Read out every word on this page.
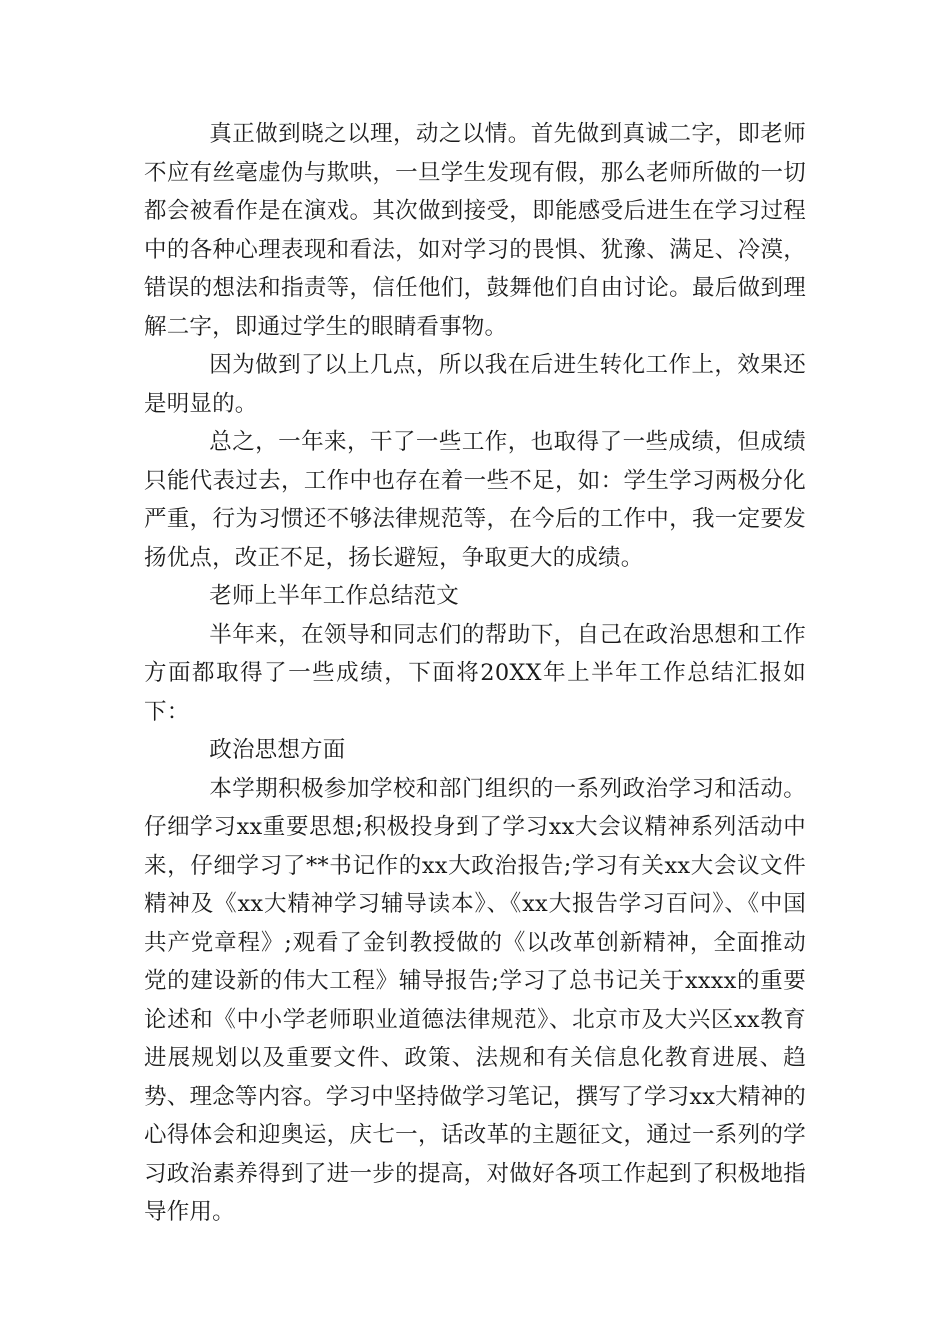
真正做到晓之以理，动之以情。首先做到真诚二字，即老师不应有丝毫虚伪与欺哄，一旦学生发现有假，那么老师所做的一切都会被看作是在演戏。其次做到接受，即能感受后进生在学习过程中的各种心理表现和看法，如对学习的畏惧、犹豫、满足、冷漠，错误的想法和指责等，信任他们，鼓舞他们自由讨论。最后做到理解二字，即通过学生的眼睛看事物。

因为做到了以上几点，所以我在后进生转化工作上，效果还是明显的。

总之，一年来，干了一些工作，也取得了一些成绩，但成绩只能代表过去，工作中也存在着一些不足，如：学生学习两极分化严重，行为习惯还不够法律规范等，在今后的工作中，我一定要发扬优点，改正不足，扬长避短，争取更大的成绩。

老师上半年工作总结范文

半年来，在领导和同志们的帮助下，自己在政治思想和工作方面都取得了一些成绩，下面将20XX年上半年工作总结汇报如下：

政治思想方面

本学期积极参加学校和部门组织的一系列政治学习和活动。仔细学习xx重要思想;积极投身到了学习xx大会议精神系列活动中来，仔细学习了**书记作的xx大政治报告;学习有关xx大会议文件精神及《xx大精神学习辅导读本》、《xx大报告学习百问》、《中国共产党章程》;观看了金钊教授做的《以改革创新精神，全面推动党的建设新的伟大工程》辅导报告;学习了总书记关于xxxx的重要论述和《中小学老师职业道德法律规范》、北京市及大兴区xx教育进展规划以及重要文件、政策、法规和有关信息化教育进展、趋势、理念等内容。学习中坚持做学习笔记，撰写了学习xx大精神的心得体会和迎奥运，庆七一，话改革的主题征文，通过一系列的学习政治素养得到了进一步的提高，对做好各项工作起到了积极地指导作用。
